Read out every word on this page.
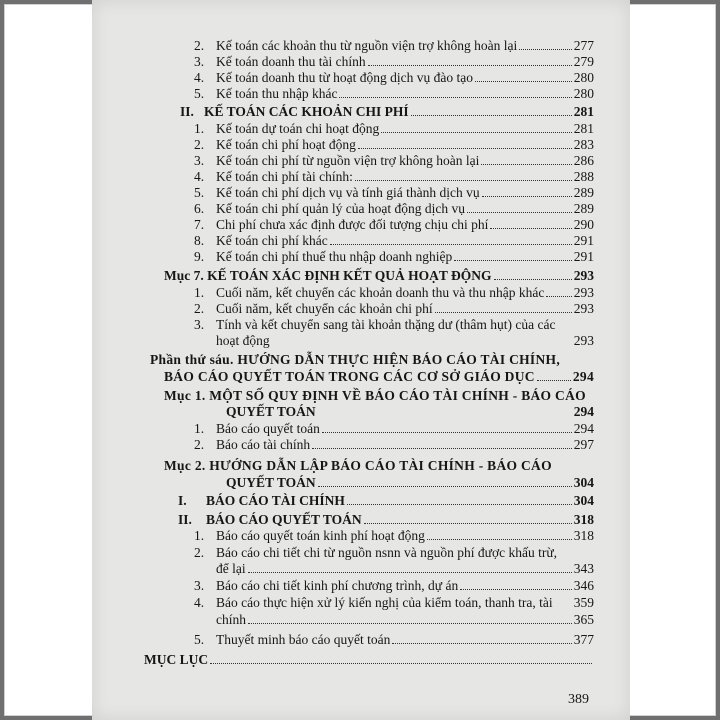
2. Kế toán các khoản thu từ nguồn viện trợ không hoàn lại	277
3. Kế toán doanh thu tài chính	279
4. Kế toán doanh thu từ hoạt động dịch vụ đào tạo	280
5. Kế toán thu nhập khác	280
II. KẾ TOÁN CÁC KHOẢN CHI PHÍ	281
1. Kế toán dự toán chi hoạt động	281
2. Kế toán chi phí hoạt động	283
3. Kế toán chi phí từ nguồn viện trợ không hoàn lại	286
4. Kế toán chi phí tài chính:	288
5. Kế toán chi phí dịch vụ và tính giá thành dịch vụ	289
6. Kế toán chi phí quản lý của hoạt động dịch vụ	289
7. Chi phí chưa xác định được đối tượng chịu chi phí	290
8. Kế toán chi phí khác	291
9. Kế toán chi phí thuế thu nhập doanh nghiệp	291
Mục 7. KẾ TOÁN XÁC ĐỊNH KẾT QUẢ HOẠT ĐỘNG	293
1. Cuối năm, kết chuyển các khoản doanh thu và thu nhập khác 293
2. Cuối năm, kết chuyển các khoản chi phí	293
3. Tính và kết chuyển sang tài khoản thặng dư (thâm hụt) của các
hoạt động	293
Phần thứ sáu. HƯỚNG DẪN THỰC HIỆN BÁO CÁO TÀI CHÍNH,
BÁO CÁO QUYẾT TOÁN TRONG CÁC CƠ SỞ GIÁO DỤC	294
Mục 1. MỘT SỐ QUY ĐỊNH VỀ BÁO CÁO TÀI CHÍNH - BÁO CÁO
QUYẾT TOÁN	294
1. Báo cáo quyết toán	294
2. Báo cáo tài chính	297
Mục 2. HƯỚNG DẪN LẬP BÁO CÁO TÀI CHÍNH - BÁO CÁO
QUYẾT TOÁN	304
I.	BÁO CÁO TÀI CHÍNH	304
II.	BÁO CÁO QUYẾT TOÁN	318
1. Báo cáo quyết toán kinh phí hoạt động	318
2. Báo cáo chi tiết chi từ nguồn nsnn và nguồn phí được khấu trừ,
để lại	343
3. Báo cáo chi tiết kinh phí chương trình, dự án	346
4. Báo cáo thực hiện xử lý kiến nghị của kiểm toán, thanh tra, tài 359
chính	365
5. Thuyết minh báo cáo quyết toán	377
MỤC LỤC
389
